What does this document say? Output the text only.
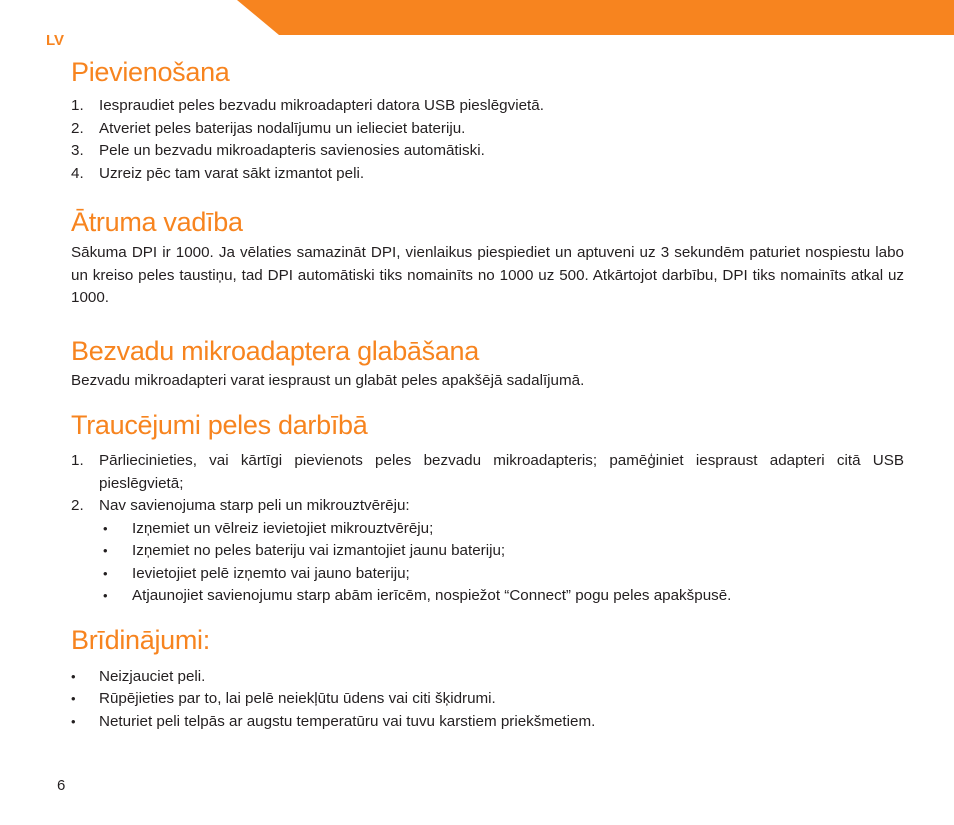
LV
Pievienošana
1. Iespraudiet peles bezvadu mikroadapteri datora USB pieslēgvietā.
2. Atveriet peles baterijas nodalījumu un ielieciet bateriju.
3. Pele un bezvadu mikroadapteris savienosies automātiski.
4. Uzreiz pēc tam varat sākt izmantot peli.
Ātruma vadība

Sākuma DPI ir 1000. Ja vēlaties samazināt DPI, vienlaikus piespiediet un aptuveni uz 3 sekundēm paturiet nospiestu labo un kreiso peles taustiņu, tad DPI automātiski tiks nomainīts no 1000 uz 500. Atkārtojot darbību, DPI tiks nomainīts atkal uz 1000.

Bezvadu mikroadaptera glabāšana

Bezvadu mikroadapteri varat iespraust un glabāt peles apakšējā sadalījumā.

Traucējumi peles darbībā
1. Pārliecinieties, vai kārtīgi pievienots peles bezvadu mikroadapteris; pamēģiniet iespraust adapteri citā USB pieslēgvietā;
2. Nav savienojuma starp peli un mikrouztvērēju:
• Izņemiet un vēlreiz ievietojiet mikrouztvērēju;
• Izņemiet no peles bateriju vai izmantojiet jaunu bateriju;
• Ievietojiet pelē izņemto vai jauno bateriju;
• Atjaunojiet savienojumu starp abām ierīcēm, nospiežot “Connect” pogu peles apakšpusē.
Brīdinājumi:
• Neizjauciet peli.
• Rūpējieties par to, lai pelē neiekļūtu ūdens vai citi šķidrumi.
• Neturiet peli telpās ar augstu temperatūru vai tuvu karstiem priekšmetiem.
6
